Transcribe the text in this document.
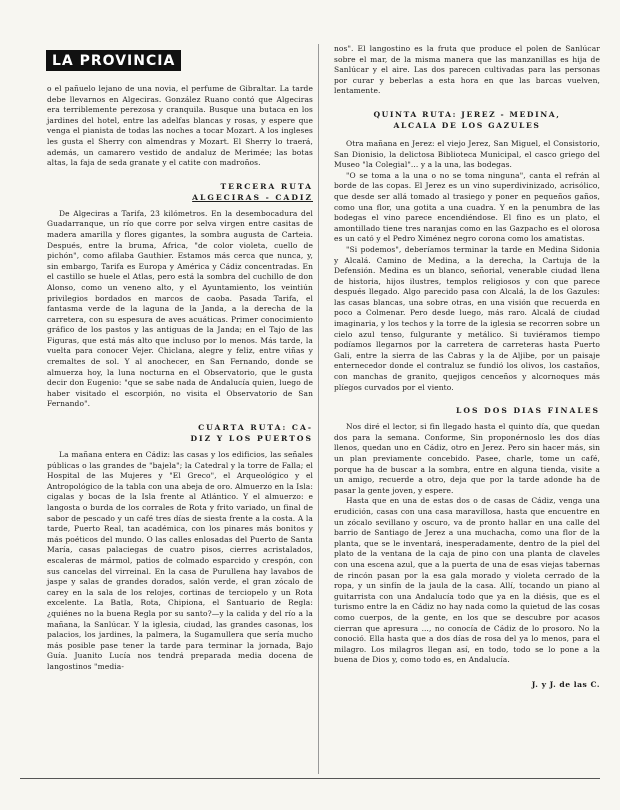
LA PROVINCIA

o el pañuelo lejano de una novia, el perfume de Gibraltar. La tarde debe llevarnos en Algeciras. González Ruano contó que Algeciras era terriblemente perezosa y cranquila. Busque una butaca en los jardines del hotel, entre las adelfas blancas y rosas, y espere que venga el pianista de todas las noches a tocar Mozart. A los ingleses les gusta el Sherry con almendras y Mozart. El Sherry lo traerá, además, un camarero vestido de andaluz de Merimée; las botas altas, la faja de seda granate y el catite con madroños.

TERCERA RUTA
ALGECIRAS - CADIZ

De Algeciras a Tarifa, 23 kilómetros. En la desembocadura del Guadarranque, un río que corre por selva virgen entre casitas de madera amarilla y flores gigantes, la sombra augusta de Carteia. Después, entre la bruma, Africa, "de color violeta, cuello de pichón", como afilaba Gauthier. Estamos más cerca que nunca, y, sin embargo, Tarifa es Europa y América y Cádiz concentradas. En el castillo se huele el Atlas, pero está la sombra del cuchillo de don Alonso, como un veneno alto, y el Ayuntamiento, los veintiún privilegios bordados en marcos de caoba. Pasada Tarifa, el fantasma verde de la laguna de la Janda, a la derecha de la carretera, con su espesura de aves acuáticas. Primer conocimiento gráfico de los pastos y las antiguas de la Janda; en el Tajo de las Figuras, que está más alto que incluso por lo menos. Más tarde, la vuelta para conocer Vejer. Chiclana, alegre y feliz, entre viñas y cremaltes de sol. Y al anochecer, en San Fernando, donde se almuerza hoy, la luna nocturna en el Observatorio, que le gusta decir don Eugenio: "que se sabe nada de Andalucía quien, luego de haber visitado el escorpión, no visita el Observatorio de San Fernando".

CUARTA RUTA: CA-
DIZ Y LOS PUERTOS

La mañana entera en Cádiz: las casas y los edificios, las señales públicas o las grandes de "bajela"; la Catedral y la torre de Falla; el Hospital de las Mujeres y "El Greco", el Arqueológico y el Antropológico de la tabla con una abeja de oro. Almuerzo en la Isla: cigalas y bocas de la Isla frente al Atlántico. Y el almuerzo: e langosta o burda de los corrales de Rota y frito variado, un final de sabor de pescado y un café tres días de siesta frente a la costa. A la tarde, Puerto Real, tan académica, con los pinares más bonitos y más poéticos del mundo. O las calles enlosadas del Puerto de Santa María, casas palaciegas de cuatro pisos, cierres acristalados, escaleras de mármol, patios de colmado esparcido y crespón, con sus cancelas del virreinal. En la casa de Purullena hay lavabos de jaspe y salas de grandes dorados, salón verde, el gran zócalo de carey en la sala de los relojes, cortinas de terciopelo y un Rota excelente. La Batla, Rota, Chipiona, el Santuario de Regla: ¿quiénes no la buena Regla por su santo?—y la calida y del río a la mañana, la Sanlúcar. Y la iglesia, ciudad, las grandes casonas, los palacios, los jardines, la palmera, la Sugamullera que sería mucho más posible pase tener la tarde para terminar la jornada, Bajo Guía. Juanito Lucía nos tendrá preparada media docena de langostinos "media-

nos". El langostino es la fruta que produce el polen de Sanlúcar sobre el mar, de la misma manera que las manzanillas es hija de Sanlúcar y el aire. Las dos parecen cultivadas para las personas por curar y beberlas a esta hora en que las barcas vuelven, lentamente.

QUINTA RUTA: JEREZ - MEDINA,
ALCALA DE LOS GAZULES

Otra mañana en Jerez: el viejo Jerez, San Miguel, el Consistorio, San Dionisio, la delictosa Biblioteca Municipal, el casco griego del Museo "la Colegial"... y a la una, las bodegas.

"O se toma a la una o no se toma ninguna", canta el refrán al borde de las copas. El Jerez es un vino superdivinizado, acrisólico, que desde ser allá tomado al trasiego y poner en pequeños gaños, como una flor, una gotita a una cuadra. Y en la penumbra de las bodegas el vino parece encendiéndose. El fino es un plato, el amontillado tiene tres naranjas como en las Gazpacho es el olorosa es un cató y el Pedro Ximénez negro corona como los amatistas.

"Si podemos", deberíamos terminar la tarde en Medina Sidonia y Alcalá. Camino de Medina, a la derecha, la Cartuja de la Defensión. Medina es un blanco, señorial, venerable ciudad llena de historia, hijos ilustres, templos religiosos y con que parece después llegado. Algo parecido pasa con Alcalá, la de los Gazules: las casas blancas, una sobre otras, en una visión que recuerda en poco a Colmenar. Pero desde luego, más raro. Alcalá de ciudad imaginaria, y los techos y la torre de la iglesia se recorren sobre un cielo azul tenso, fulgurante y metálico. Si tuviéramos tiempo podíamos llegarnos por la carretera de carreteras hasta Puerto Gali, entre la sierra de las Cabras y la de Aljibe, por un paisaje enternecedor donde el contraluz se fundió los olivos, los castaños, con manchas de granito, quejigos cenceños y alcornoques más plíegos curvados por el viento.

LOS DOS DIAS FINALES

Nos diré el lector, si fin llegado hasta el quinto día, que quedan dos para la semana. Conforme, Sin proponérnoslo les dos días llenos, quedan uno en Cádiz, otro en Jerez. Pero sin hacer más, sin un plan previamente concebido. Pasee, charle, tome un café, porque ha de buscar a la sombra, entre en alguna tienda, visite a un amigo, recuerde a otro, deja que por la tarde adonde ha de pasar la gente joven, y espere.

Hasta que en una de estas dos o de casas de Cádiz, venga una erudición, casas con una casa maravillosa, hasta que encuentre en un zócalo sevillano y oscuro, va de pronto hallar en una calle del barrio de Santiago de Jerez a una muchacha, como una flor de la planta, que se le inventará, inesperadamente, dentro de la piel del plato de la ventana de la caja de pino con una planta de claveles con una escena azul, que a la puerta de una de esas viejas tabernas de rincón pasan por la esa gala morado y violeta cerrado de la ropa, y un sinfín de la jaula de la casa. Allí, tocando un piano al guitarrista con una Andalucía todo que ya en la diésis, que es el turismo entre la en Cádiz no hay nada como la quietud de las cosas como cuerpos, de la gente, en los que se descubre por acasos cierran que apresura ..., no conocía de Cádiz de lo prosoro. No la conoció. Ella hasta que a dos días de rosa del ya lo menos, para el milagro. Los milagros llegan así, en todo, todo se lo pone a la buena de Dios y, como todo es, en Andalucía.

J. y J. de las C.
